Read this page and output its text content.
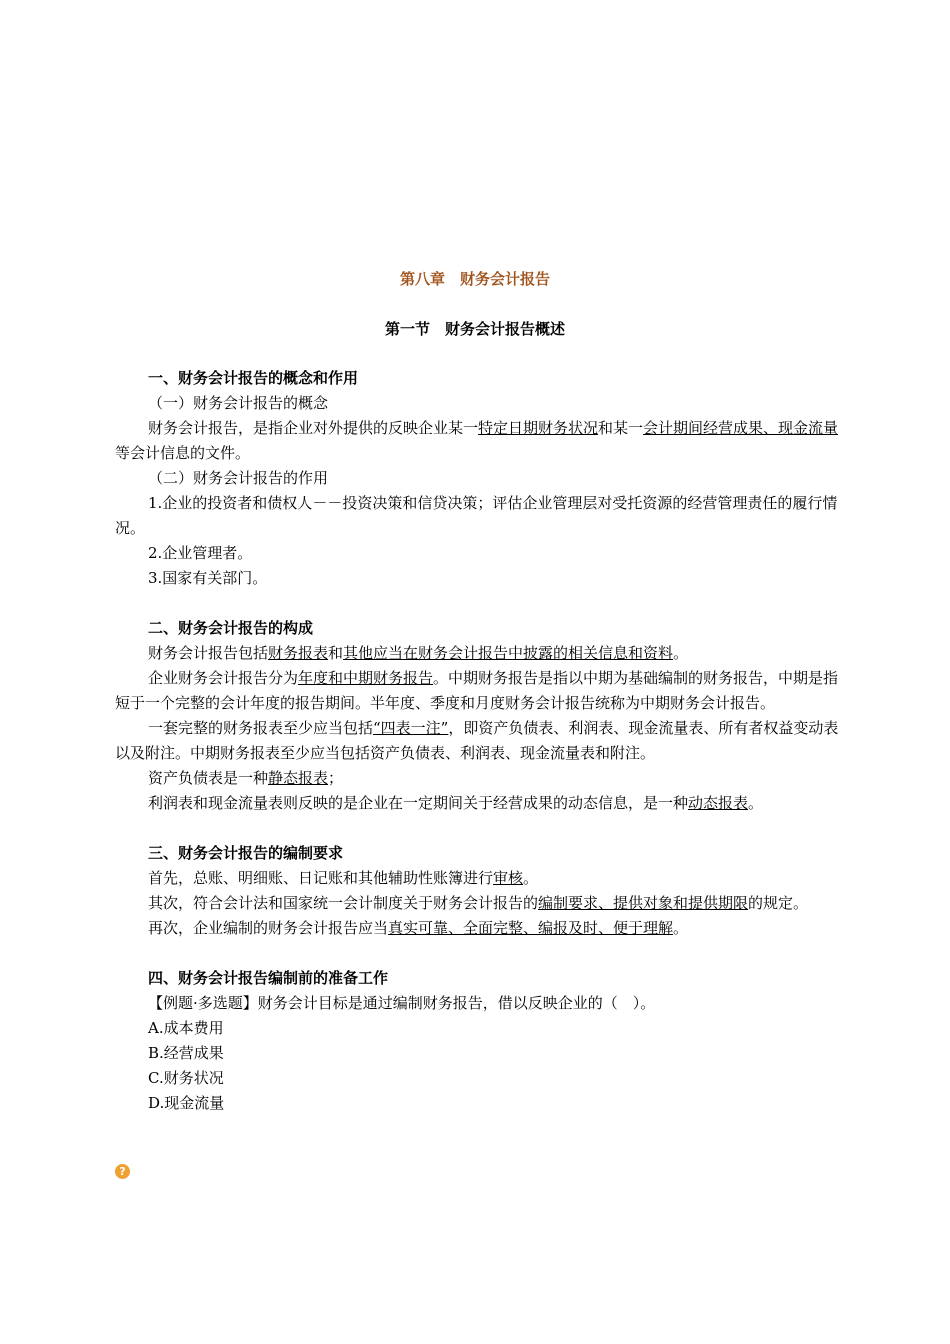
第八章　财务会计报告
第一节　财务会计报告概述
一、财务会计报告的概念和作用
（一）财务会计报告的概念
财务会计报告，是指企业对外提供的反映企业某一特定日期财务状况和某一会计期间经营成果、现金流量等会计信息的文件。
（二）财务会计报告的作用
1.企业的投资者和债权人－－投资决策和信贷决策；评估企业管理层对受托资源的经营管理责任的履行情况。
2.企业管理者。
3.国家有关部门。
二、财务会计报告的构成
财务会计报告包括财务报表和其他应当在财务会计报告中披露的相关信息和资料。
企业财务会计报告分为年度和中期财务报告。中期财务报告是指以中期为基础编制的财务报告，中期是指短于一个完整的会计年度的报告期间。半年度、季度和月度财务会计报告统称为中期财务会计报告。
一套完整的财务报表至少应当包括“四表一注”，即资产负债表、利润表、现金流量表、所有者权益变动表以及附注。中期财务报表至少应当包括资产负债表、利润表、现金流量表和附注。
资产负债表是一种静态报表；
利润表和现金流量表则反映的是企业在一定期间关于经营成果的动态信息，是一种动态报表。
三、财务会计报告的编制要求
首先，总账、明细账、日记账和其他辅助性账簿进行审核。
其次，符合会计法和国家统一会计制度关于财务会计报告的编制要求、提供对象和提供期限的规定。
再次，企业编制的财务会计报告应当真实可靠、全面完整、编报及时、便于理解。
四、财务会计报告编制前的准备工作
【例题·多选题】财务会计目标是通过编制财务报告，借以反映企业的（　）。
A.成本费用
B.经营成果
C.财务状况
D.现金流量
?
